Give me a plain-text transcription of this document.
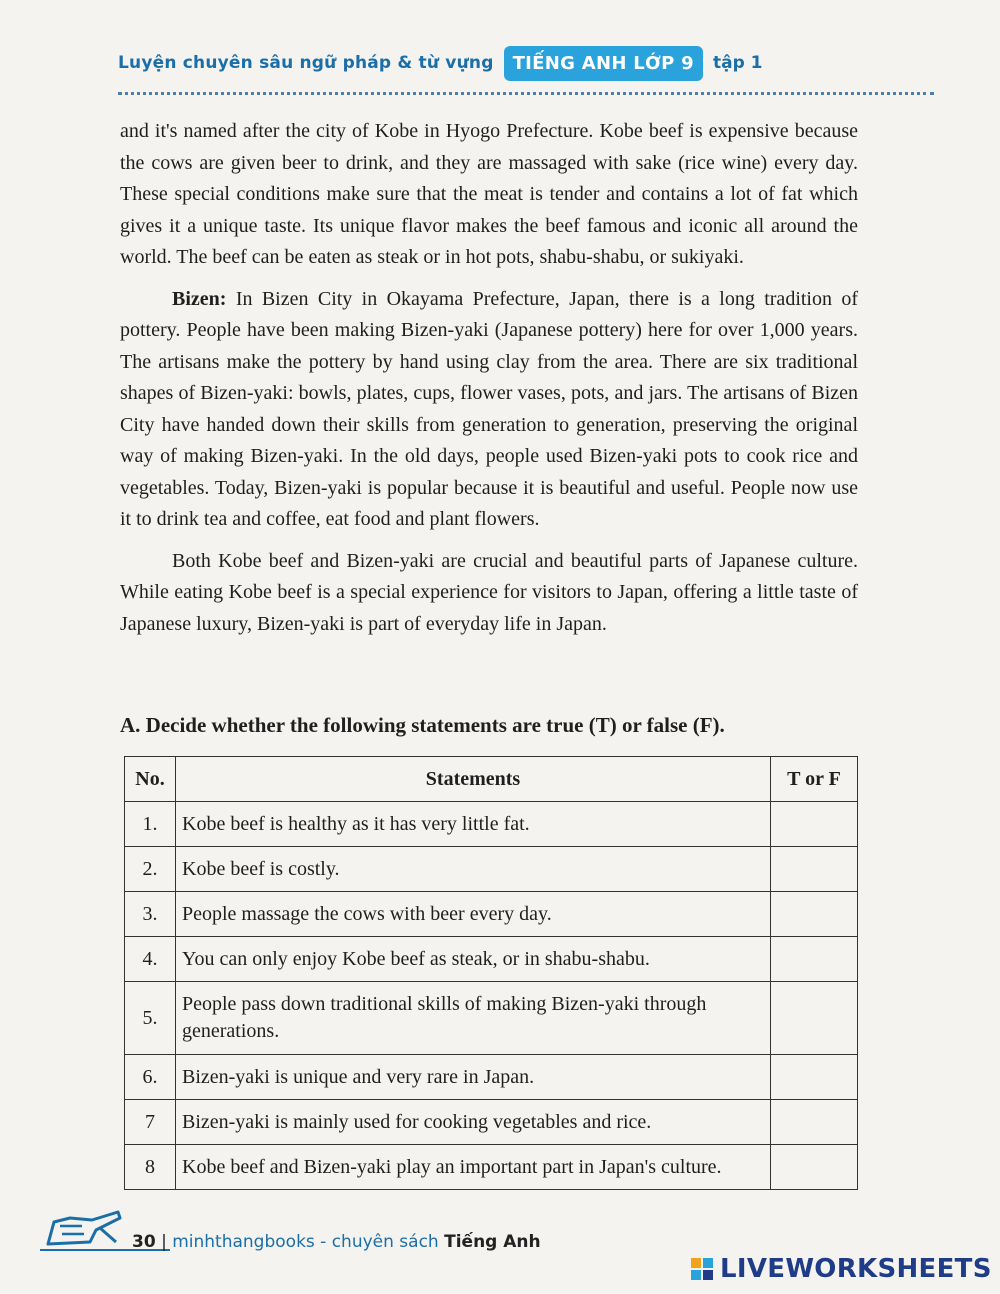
Luyện chuyên sâu ngữ pháp & từ vựng	TIẾNG ANH LỚP 9	tập 1

and it's named after the city of Kobe in Hyogo Prefecture. Kobe beef is expensive because the cows are given beer to drink, and they are massaged with sake (rice wine) every day. These special conditions make sure that the meat is tender and contains a lot of fat which gives it a unique taste. Its unique flavor makes the beef famous and iconic all around the world. The beef can be eaten as steak or in hot pots, shabu-shabu, or sukiyaki.

Bizen: In Bizen City in Okayama Prefecture, Japan, there is a long tradition of pottery. People have been making Bizen-yaki (Japanese pottery) here for over 1,000 years. The artisans make the pottery by hand using clay from the area. There are six traditional shapes of Bizen-yaki: bowls, plates, cups, flower vases, pots, and jars. The artisans of Bizen City have handed down their skills from generation to generation, preserving the original way of making Bizen-yaki. In the old days, people used Bizen-yaki pots to cook rice and vegetables. Today, Bizen-yaki is popular because it is beautiful and useful. People now use it to drink tea and coffee, eat food and plant flowers.

Both Kobe beef and Bizen-yaki are crucial and beautiful parts of Japanese culture. While eating Kobe beef is a special experience for visitors to Japan, offering a little taste of Japanese luxury, Bizen-yaki is part of everyday life in Japan.

A. Decide whether the following statements are true (T) or false (F).
No.	Statements	T or F
1.	Kobe beef is healthy as it has very little fat.	
2.	Kobe beef is costly.	
3.	People massage the cows with beer every day.	
4.	You can only enjoy Kobe beef as steak, or in shabu-shabu.	
5.	People pass down traditional skills of making Bizen-yaki through generations.	
6.	Bizen-yaki is unique and very rare in Japan.	
7	Bizen-yaki is mainly used for cooking vegetables and rice.	
8	Kobe beef and Bizen-yaki play an important part in Japan's culture.	
30 | minhthangbooks - chuyên sách Tiếng Anh
LIVEWORKSHEETS
